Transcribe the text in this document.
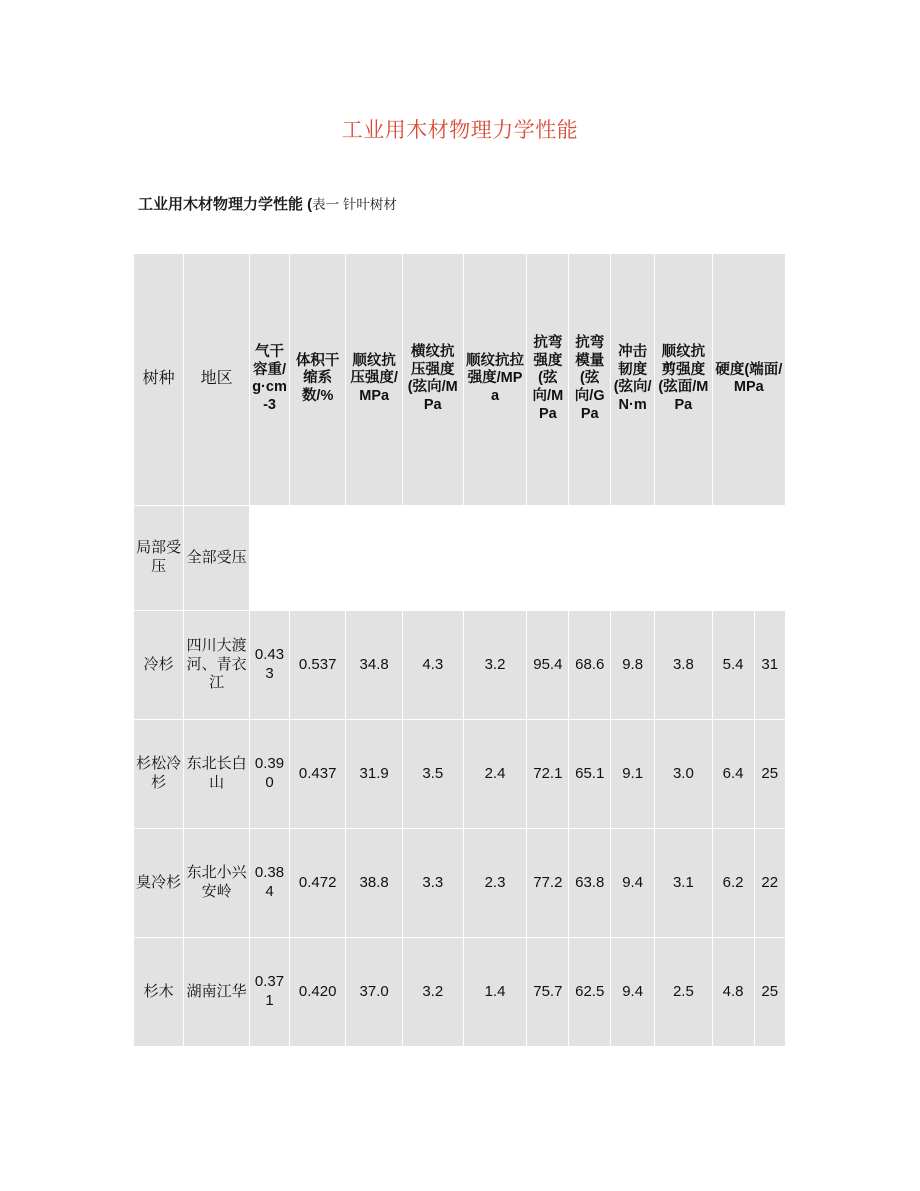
工业用木材物理力学性能

工业用木材物理力学性能 (表一 针叶树材

树种	地区	气干容重/g·cm-3	体积干缩系数/%	顺纹抗压强度/MPa	横纹抗压强度(弦向/MPa	顺纹抗拉强度/MPa	抗弯强度(弦向/MPa	抗弯模量(弦向/GPa	冲击韧度(弦向/N·m	顺纹抗剪强度(弦面/MPa	硬度(端面/MPa	
局部受压	全部受压											
冷杉	四川大渡河、青衣江	0.433	0.537	34.8	4.3	3.2	95.4	68.6	9.8	3.8	5.4	31
杉松冷杉	东北长白山	0.390	0.437	31.9	3.5	2.4	72.1	65.1	9.1	3.0	6.4	25
臭冷杉	东北小兴安岭	0.384	0.472	38.8	3.3	2.3	77.2	63.8	9.4	3.1	6.2	22
杉木	湖南江华	0.371	0.420	37.0	3.2	1.4	75.7	62.5	9.4	2.5	4.8	25
